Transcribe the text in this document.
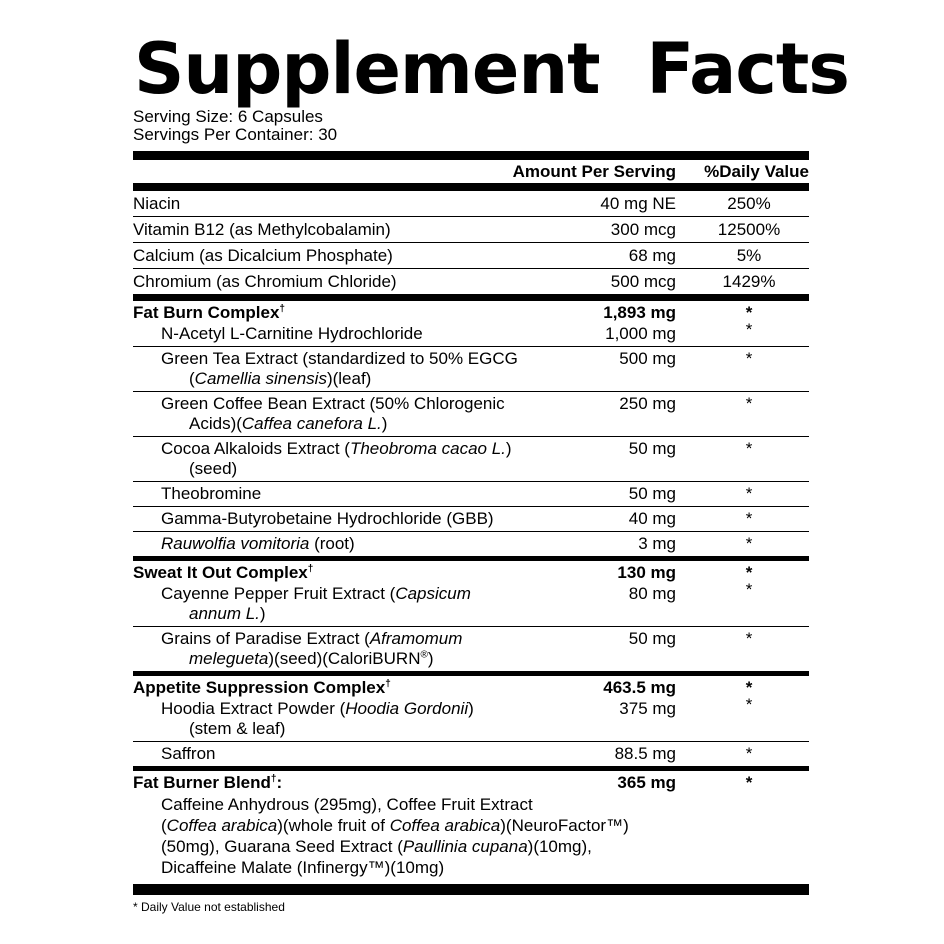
Supplement  Facts
Serving Size: 6 Capsules
Servings Per Container: 30
Amount Per Serving	%Daily Value
Niacin	40 mg NE	250%
Vitamin B12 (as Methylcobalamin)	300 mcg	12500%
Calcium (as Dicalcium Phosphate)	68 mg	5%
Chromium (as Chromium Chloride)	500 mcg	1429%
Fat Burn Complex†	1,893 mg	*
N-Acetyl L-Carnitine Hydrochloride	1,000 mg	*
Green Tea Extract (standardized to 50% EGCG
(Camellia sinensis)(leaf)
500 mg	*
Green Coffee Bean Extract (50% Chlorogenic
Acids)(Caffea canefora L.)
250 mg	*
Cocoa Alkaloids Extract (Theobroma cacao L.)
(seed)
50 mg	*
Theobromine	50 mg	*
Gamma-Butyrobetaine Hydrochloride (GBB)	40 mg	*
Rauwolfia vomitoria (root)	3 mg	*
Sweat It Out Complex†	130 mg	*
Cayenne Pepper Fruit Extract (Capsicum
annum L.)
80 mg	*
Grains of Paradise Extract (Aframomum
melegueta)(seed)(CaloriBURN®)
50 mg	*
Appetite Suppression Complex†	463.5 mg	*
Hoodia Extract Powder (Hoodia Gordonii)
(stem & leaf)
375 mg	*
Saffron	88.5 mg	*
Fat Burner Blend†:	365 mg	*
Caffeine Anhydrous (295mg), Coffee Fruit Extract
(Coffea arabica)(whole fruit of Coffea arabica)(NeuroFactor™)
(50mg), Guarana Seed Extract (Paullinia cupana)(10mg),
Dicaffeine Malate (Infinergy™)(10mg)
* Daily Value not established
